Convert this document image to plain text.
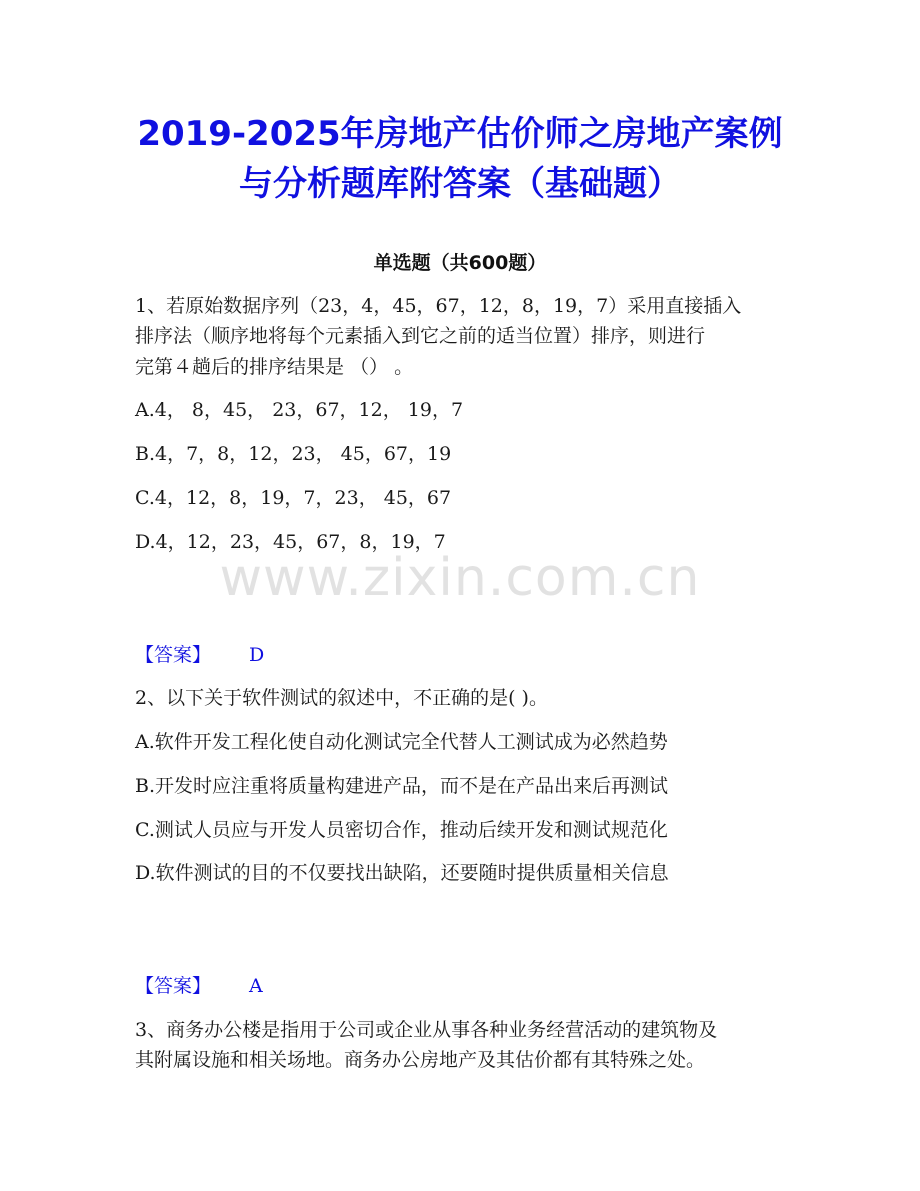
2019-2025年房地产估价师之房地产案例
与分析题库附答案（基础题）
单选题（共600题）
1、若原始数据序列（23，4，45，67，12，8，19，7）采用直接插入
排序法（顺序地将每个元素插入到它之前的适当位置）排序，则进行
完第４趟后的排序结果是 （） 。
A.4， 8，45， 23，67，12， 19，7
B.4，7，8，12，23， 45，67，19
C.4，12，8，19，7，23， 45，67
D.4，12，23，45，67，8，19，7
www.zixin.com.cn
【答案】 D
2、以下关于软件测试的叙述中，不正确的是( )。
A.软件开发工程化使自动化测试完全代替人工测试成为必然趋势
B.开发时应注重将质量构建进产品，而不是在产品出来后再测试
C.测试人员应与开发人员密切合作，推动后续开发和测试规范化
D.软件测试的目的不仅要找出缺陷，还要随时提供质量相关信息
【答案】 A
3、商务办公楼是指用于公司或企业从事各种业务经营活动的建筑物及
其附属设施和相关场地。商务办公房地产及其估价都有其特殊之处。
